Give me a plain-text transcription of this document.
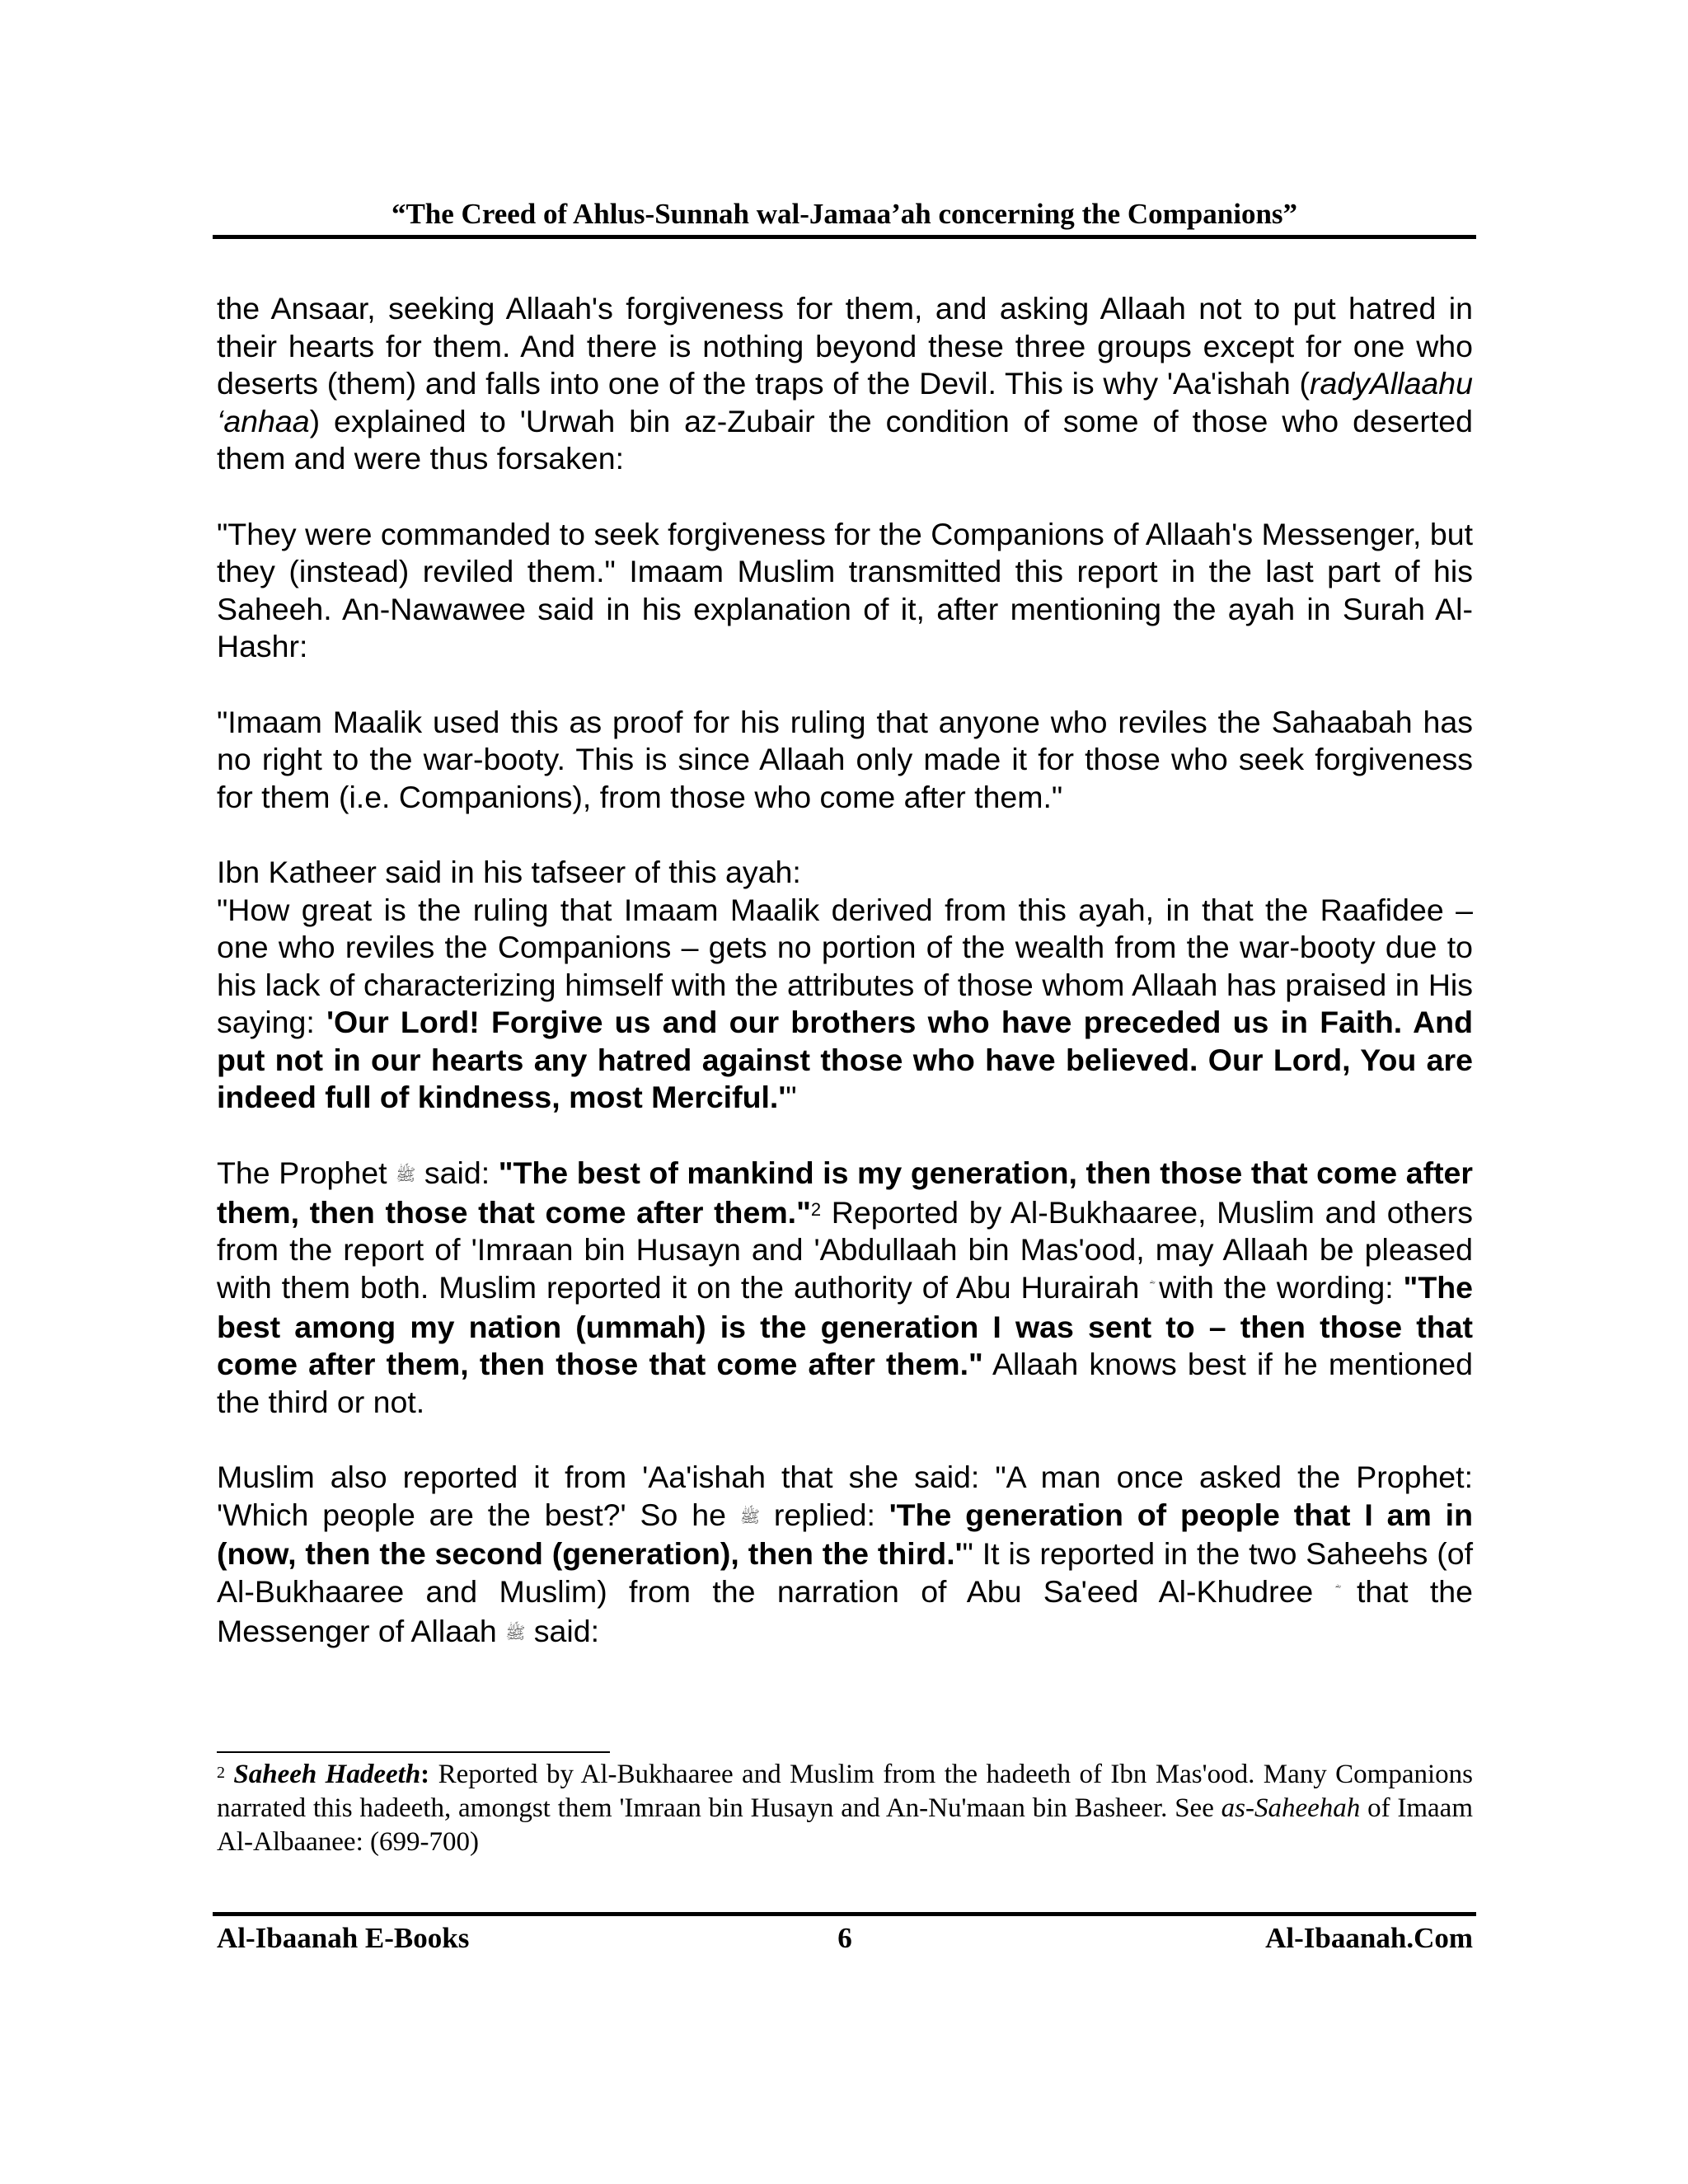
“The Creed of Ahlus-Sunnah wal-Jamaa’ah concerning the Companions”

the Ansaar, seeking Allaah's forgiveness for them, and asking Allaah not to put hatred in their hearts for them. And there is nothing beyond these three groups except for one who deserts (them) and falls into one of the traps of the Devil. This is why 'Aa'ishah (radyAllaahu ‘anhaa) explained to 'Urwah bin az-Zubair the condition of some of those who deserted them and were thus forsaken:

"They were commanded to seek forgiveness for the Companions of Allaah's Messenger, but they (instead) reviled them." Imaam Muslim transmitted this report in the last part of his Saheeh. An-Nawawee said in his explanation of it, after mentioning the ayah in Surah Al-Hashr:

"Imaam Maalik used this as proof for his ruling that anyone who reviles the Sahaabah has no right to the war-booty. This is since Allaah only made it for those who seek forgiveness for them (i.e. Companions), from those who come after them."

Ibn Katheer said in his tafseer of this ayah:

"How great is the ruling that Imaam Maalik derived from this ayah, in that the Raafidee – one who reviles the Companions – gets no portion of the wealth from the war-booty due to his lack of characterizing himself with the attributes of those whom Allaah has praised in His saying: 'Our Lord! Forgive us and our brothers who have preceded us in Faith. And put not in our hearts any hatred against those who have believed. Our Lord, You are indeed full of kindness, most Merciful.'"

The Prophet ﷺ said: "The best of mankind is my generation, then those that come after them, then those that come after them."$^2$ Reported by Al-Bukhaaree, Muslim and others from the report of 'Imraan bin Husayn and 'Abdullaah bin Mas'ood, may Allaah be pleased with them both. Muslim reported it on the authority of Abu Hurairah  with the wording: "The best among my nation (ummah) is the generation I was sent to – then those that come after them, then those that come after them." Allaah knows best if he mentioned the third or not.

Muslim also reported it from 'Aa'ishah that she said: "A man once asked the Prophet: 'Which people are the best?' So he ﷺ replied: 'The generation of people that I am in (now, then the second (generation), then the third.'" It is reported in the two Saheehs (of Al-Bukhaaree and Muslim) from the narration of Abu Sa'eed Al-Khudree  that the Messenger of Allaah ﷺ said:

$^2$ Saheeh Hadeeth: Reported by Al-Bukhaaree and Muslim from the hadeeth of Ibn Mas'ood. Many Companions narrated this hadeeth, amongst them 'Imraan bin Husayn and An-Nu'maan bin Basheer. See as-Saheehah of Imaam Al-Albaanee: (699-700)
Al-Ibaanah E-Books	6	Al-Ibaanah.Com
